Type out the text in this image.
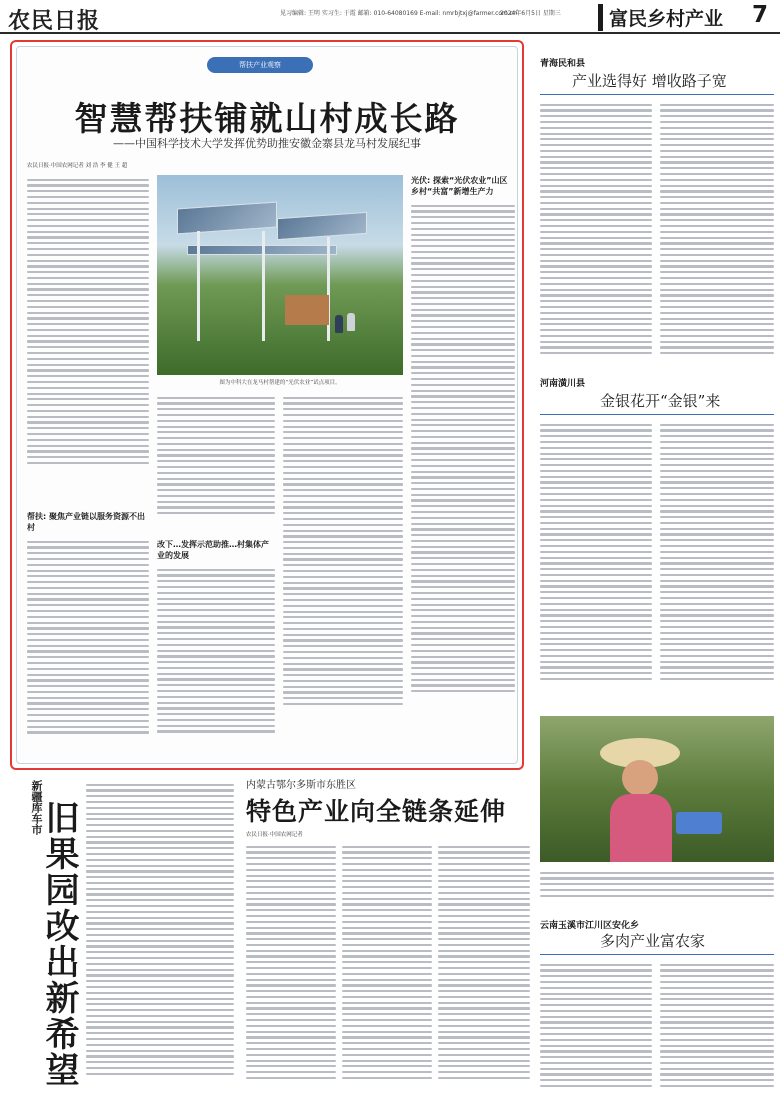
农民日报	见习编辑: 王明 实习生: 于霞 邮箱: 010-64080169 E-mail: nmrbjtxj@farmer.com.cn
2024年6月5日 星期三	富民乡村产业 7
帮扶产业观察
智慧帮扶铺就山村成长路
——中国科学技术大学发挥优势助推安徽金寨县龙马村发展纪事
农民日报·中国农网记者 刘 浩 李 健 王 超
帮扶: 聚焦产业链以服务资源不出村
图为中科大在龙马村帮建的“光伏农业”试点项目。
改下…发挥示范助推…村集体产业的发展
光伏: 探索“光伏农业”山区乡村“共富”新增生产力
青海民和县
产业选得好 增收路子宽
河南潢川县
金银花开“金银”来
云南玉溪市江川区安化乡
多肉产业富农家
新疆库车市
旧果园改出新希望
内蒙古鄂尔多斯市东胜区
特色产业向全链条延伸
农民日报·中国农网记者
